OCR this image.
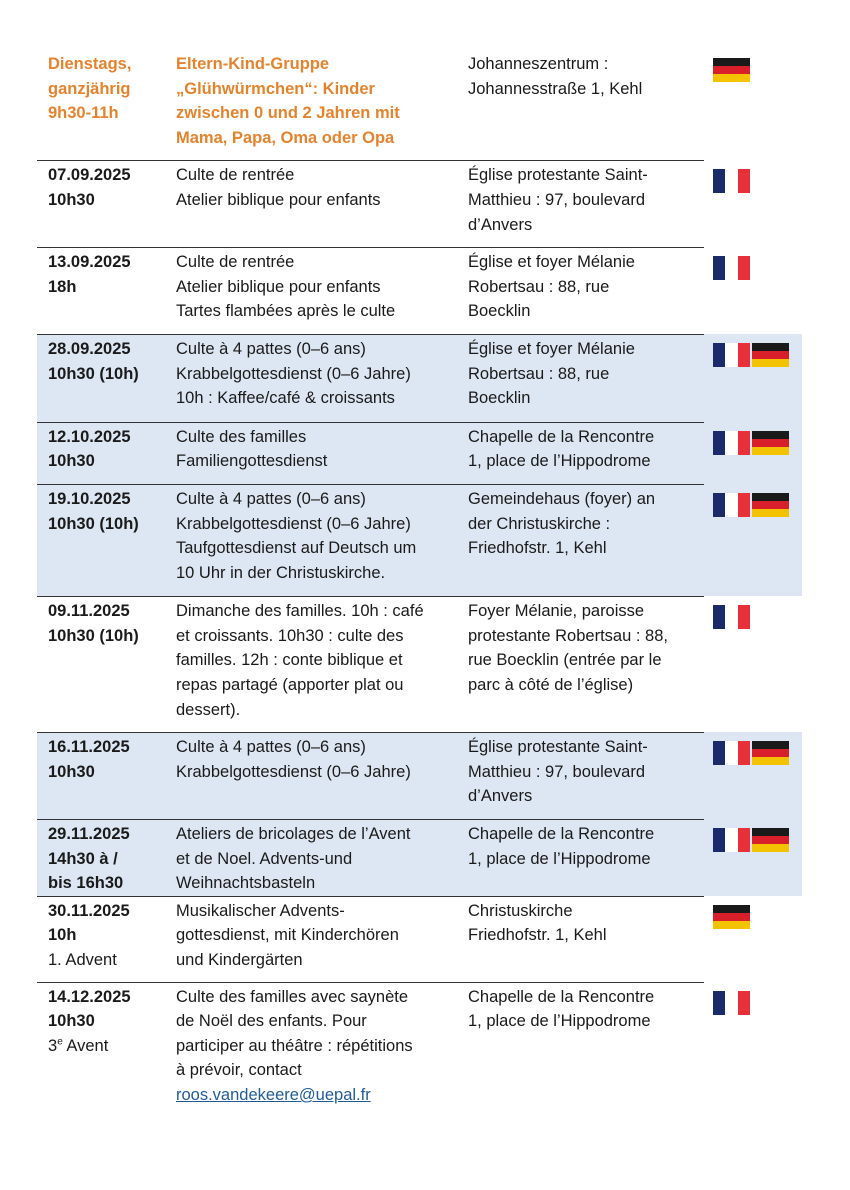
Dienstags,
ganzjährig
9h30-11h
Eltern-Kind-Gruppe
„Glühwürmchen“: Kinder
zwischen 0 und 2 Jahren mit
Mama, Papa, Oma oder Opa
Johanneszentrum :
Johannesstraße 1, Kehl
07.09.2025
10h30
Culte de rentrée
Atelier biblique pour enfants
Église protestante Saint-
Matthieu : 97, boulevard
d’Anvers
13.09.2025
18h
Culte de rentrée
Atelier biblique pour enfants
Tartes flambées après le culte
Église et foyer Mélanie
Robertsau : 88, rue
Boecklin
28.09.2025
10h30 (10h)
Culte à 4 pattes (0–6 ans)
Krabbelgottesdienst (0–6 Jahre)
10h : Kaffee/café & croissants
Église et foyer Mélanie
Robertsau : 88, rue
Boecklin
12.10.2025
10h30
Culte des familles
Familiengottesdienst
Chapelle de la Rencontre
1, place de l’Hippodrome
19.10.2025
10h30 (10h)
Culte à 4 pattes (0–6 ans)
Krabbelgottesdienst (0–6 Jahre)
Taufgottesdienst auf Deutsch um
10 Uhr in der Christuskirche.
Gemeindehaus (foyer) an
der Christuskirche :
Friedhofstr. 1, Kehl
09.11.2025
10h30 (10h)
Dimanche des familles. 10h : café
et croissants. 10h30 : culte des
familles. 12h : conte biblique et
repas partagé (apporter plat ou
dessert).
Foyer Mélanie, paroisse
protestante Robertsau : 88,
rue Boecklin (entrée par le
parc à côté de l’église)
16.11.2025
10h30
Culte à 4 pattes (0–6 ans)
Krabbelgottesdienst (0–6 Jahre)
Église protestante Saint-
Matthieu : 97, boulevard
d’Anvers
29.11.2025
14h30 à /
bis 16h30
Ateliers de bricolages de l’Avent
et de Noel. Advents-und
Weihnachtsbasteln
Chapelle de la Rencontre
1, place de l’Hippodrome
30.11.2025
10h
1. Advent
Musikalischer Advents-
gottesdienst, mit Kinderchören
und Kindergärten
Christuskirche
Friedhofstr. 1, Kehl
14.12.2025
10h30
3e Avent
Culte des familles avec saynète
de Noël des enfants. Pour
participer au théâtre : répétitions
à prévoir, contact
roos.vandekeere@uepal.fr
Chapelle de la Rencontre
1, place de l’Hippodrome
